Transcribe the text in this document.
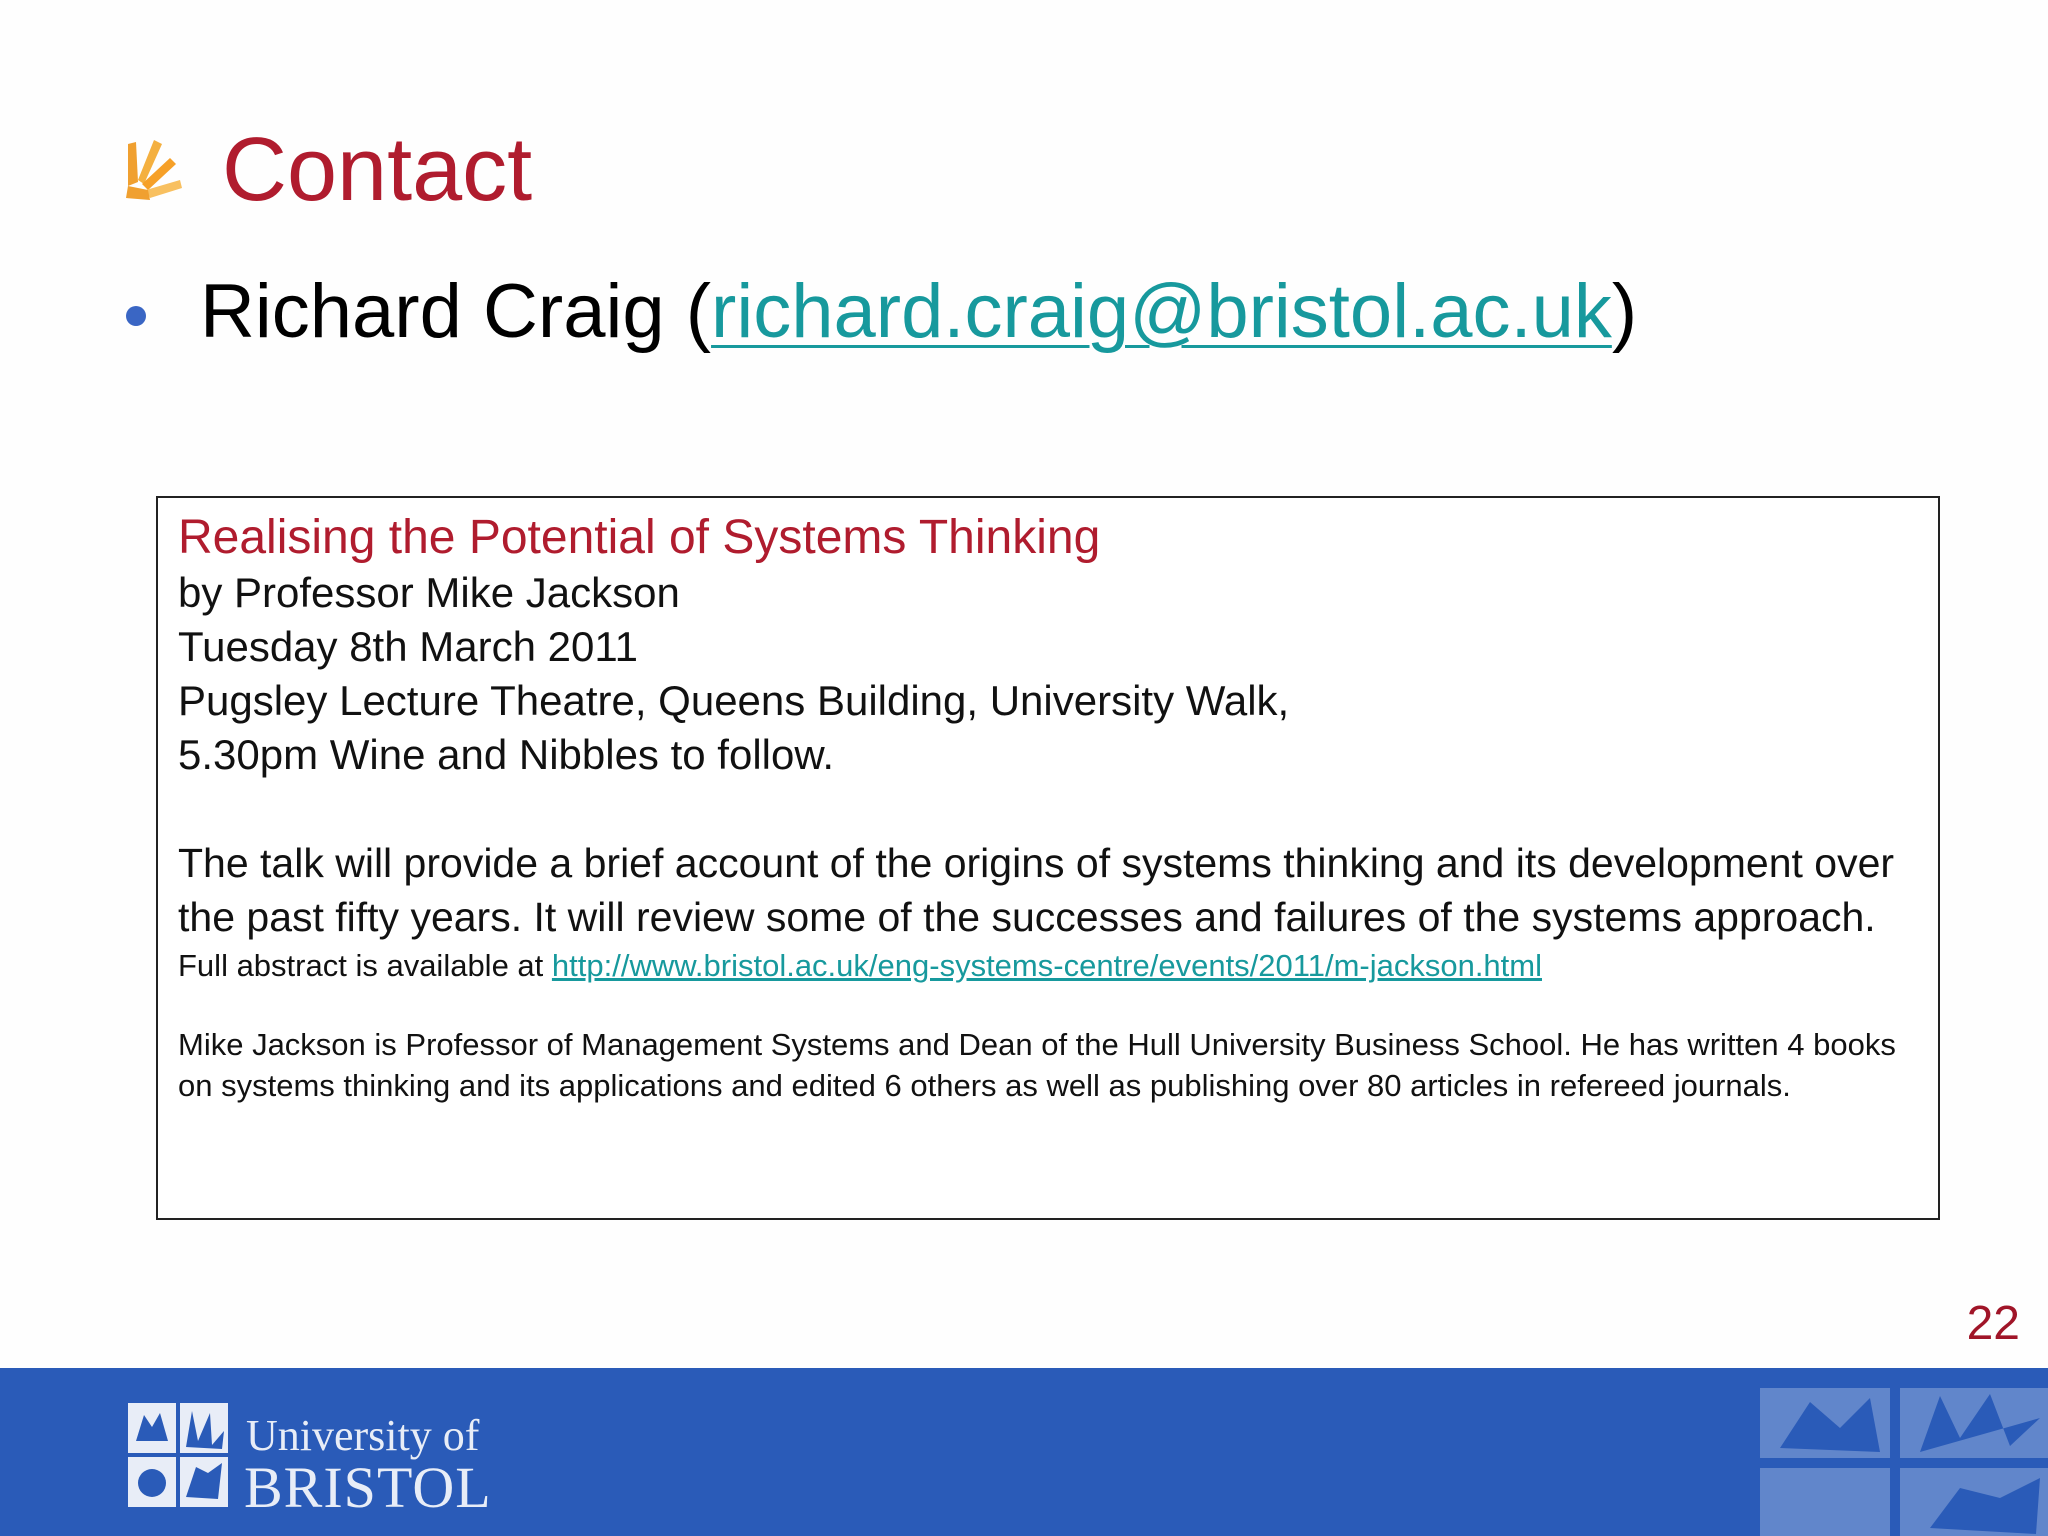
Contact

Richard Craig (richard.craig@bristol.ac.uk)

Realising the Potential of Systems Thinking

by Professor Mike Jackson

Tuesday 8th March 2011

Pugsley Lecture Theatre, Queens Building, University Walk,

5.30pm Wine and Nibbles to follow.

The talk will provide a brief account of the origins of systems thinking and its development over the past fifty years. It will review some of the successes and failures of the systems approach.

Full abstract is available at http://www.bristol.ac.uk/eng-systems-centre/events/2011/m-jackson.html

Mike Jackson is Professor of Management Systems and Dean of the Hull University Business School. He has written 4 books on systems thinking and its applications and edited 6 others as well as publishing over 80 articles in refereed journals.

22

University of

BRISTOL
